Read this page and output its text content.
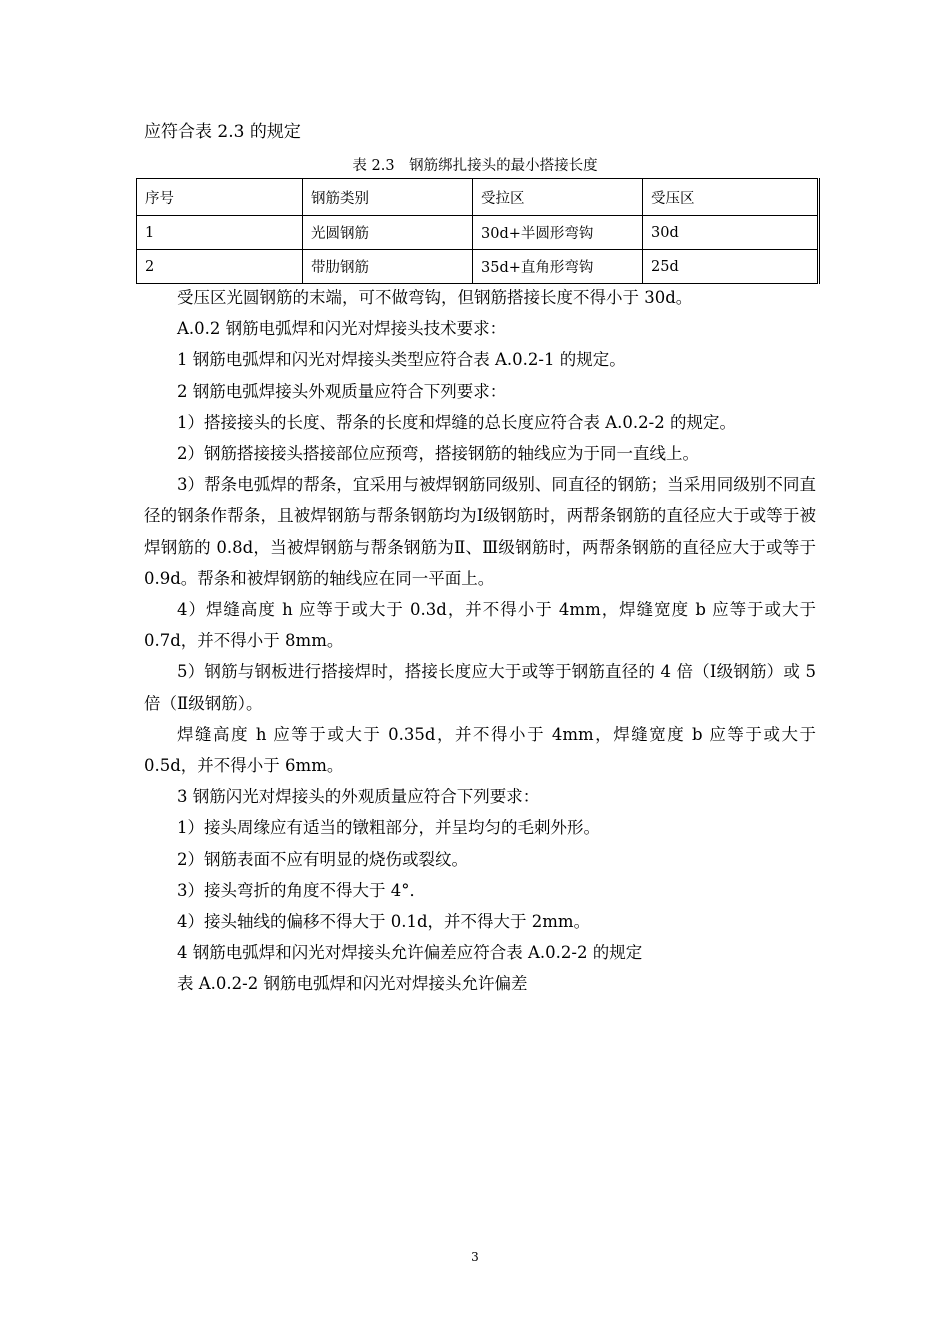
应符合表 2.3 的规定
表 2.3　钢筋绑扎接头的最小搭接长度
序号	钢筋类别	受拉区	受压区
1	光圆钢筋	30d+半圆形弯钩	30d
2	带肋钢筋	35d+直角形弯钩	25d

受压区光圆钢筋的末端，可不做弯钩，但钢筋搭接长度不得小于 30d。

A.0.2 钢筋电弧焊和闪光对焊接头技术要求：

1 钢筋电弧焊和闪光对焊接头类型应符合表 A.0.2-1 的规定。

2 钢筋电弧焊接头外观质量应符合下列要求：

1）搭接接头的长度、帮条的长度和焊缝的总长度应符合表 A.0.2-2 的规定。

2）钢筋搭接接头搭接部位应预弯，搭接钢筋的轴线应为于同一直线上。

3）帮条电弧焊的帮条，宜采用与被焊钢筋同级别、同直径的钢筋；当采用同级别不同直径的钢条作帮条，且被焊钢筋与帮条钢筋均为Ⅰ级钢筋时，两帮条钢筋的直径应大于或等于被焊钢筋的 0.8d，当被焊钢筋与帮条钢筋为Ⅱ、Ⅲ级钢筋时，两帮条钢筋的直径应大于或等于 0.9d。帮条和被焊钢筋的轴线应在同一平面上。

4）焊缝高度 h 应等于或大于 0.3d，并不得小于 4mm，焊缝宽度 b 应等于或大于 0.7d，并不得小于 8mm。

5）钢筋与钢板进行搭接焊时，搭接长度应大于或等于钢筋直径的 4 倍（Ⅰ级钢筋）或 5 倍（Ⅱ级钢筋）。

焊缝高度 h 应等于或大于 0.35d，并不得小于 4mm，焊缝宽度 b 应等于或大于 0.5d，并不得小于 6mm。

3 钢筋闪光对焊接头的外观质量应符合下列要求：

1）接头周缘应有适当的镦粗部分，并呈均匀的毛刺外形。

2）钢筋表面不应有明显的烧伤或裂纹。

3）接头弯折的角度不得大于 4°．

4）接头轴线的偏移不得大于 0.1d，并不得大于 2mm。

4 钢筋电弧焊和闪光对焊接头允许偏差应符合表 A.0.2-2 的规定

表 A.0.2-2 钢筋电弧焊和闪光对焊接头允许偏差

3
